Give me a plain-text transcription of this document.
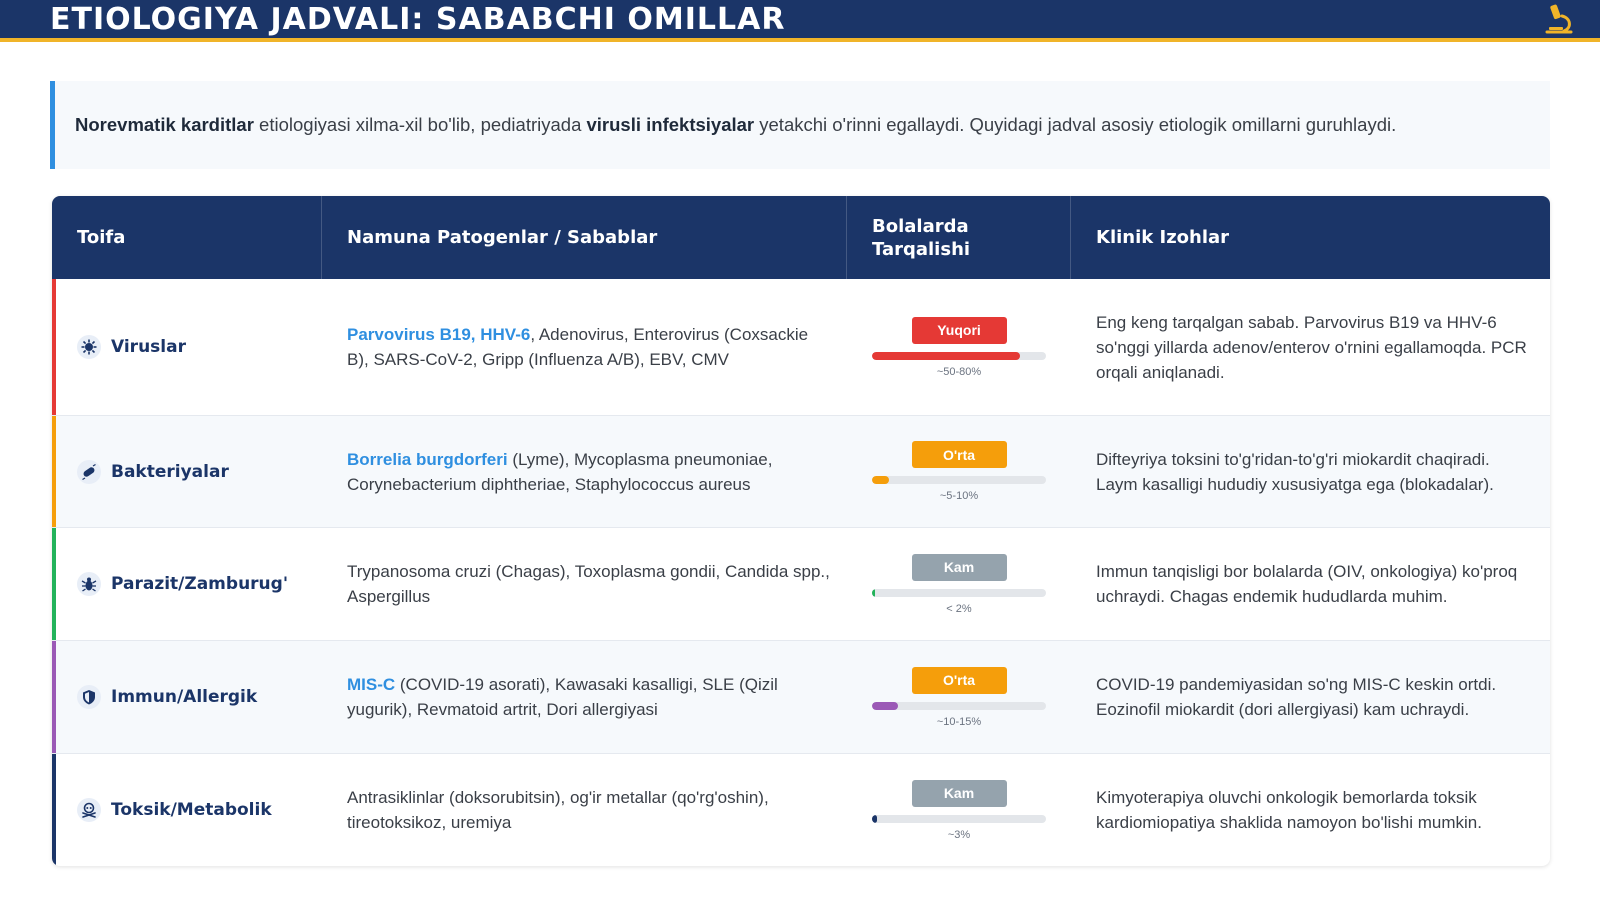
ETIOLOGIYA JADVALI: SABABCHI OMILLAR
Norevmatik karditlar etiologiyasi xilma-xil bo'lib, pediatriyada virusli infektsiyalar yetakchi o'rinni egallaydi. Quyidagi jadval asosiy etiologik omillarni guruhlaydi.
Toifa	Namuna Patogenlar / Sabablar
Bolalarda Tarqalishi
Klinik Izohlar
Viruslar
Parvovirus B19, HHV-6, Adenovirus, Enterovirus (Coxsackie B), SARS-CoV-2, Gripp (Influenza A/B), EBV, CMV
Yuqori
~50-80%
Eng keng tarqalgan sabab. Parvovirus B19 va HHV-6 so'nggi yillarda adenov/enterov o'rnini egallamoqda. PCR orqali aniqlanadi.
Bakteriyalar
Borrelia burgdorferi (Lyme), Mycoplasma pneumoniae, Corynebacterium diphtheriae, Staphylococcus aureus
O'rta
~5-10%
Difteyriya toksini to'g'ridan-to'g'ri miokardit chaqiradi. Laym kasalligi hududiy xususiyatga ega (blokadalar).
Parazit/Zamburug'
Trypanosoma cruzi (Chagas), Toxoplasma gondii, Candida spp., Aspergillus
Kam
< 2%
Immun tanqisligi bor bolalarda (OIV, onkologiya) ko'proq uchraydi. Chagas endemik hududlarda muhim.
Immun/Allergik
MIS-C (COVID-19 asorati), Kawasaki kasalligi, SLE (Qizil yugurik), Revmatoid artrit, Dori allergiyasi
O'rta
~10-15%
COVID-19 pandemiyasidan so'ng MIS-C keskin ortdi. Eozinofil miokardit (dori allergiyasi) kam uchraydi.
Toksik/Metabolik
Antrasiklinlar (doksorubitsin), og'ir metallar (qo'rg'oshin), tireotoksikoz, uremiya
Kam
~3%
Kimyoterapiya oluvchi onkologik bemorlarda toksik kardiomiopatiya shaklida namoyon bo'lishi mumkin.
